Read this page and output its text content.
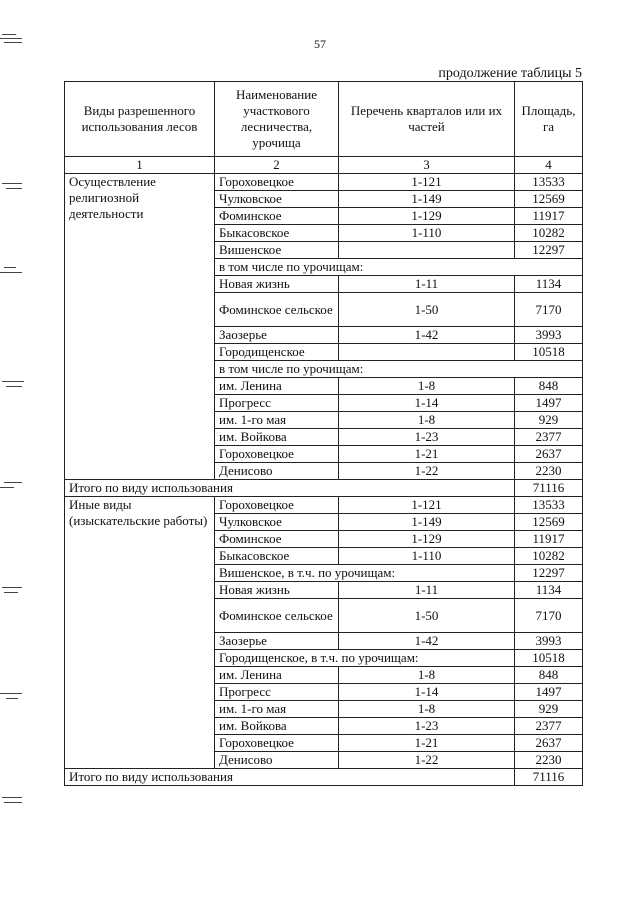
57
продолжение таблицы 5
Виды разрешенного использования лесов	Наименование участкового лесничества, урочища	Перечень кварталов или их частей	Площадь, га
1	2	3	4
Осуществление религиозной деятельности	Гороховецкое	1-121	13533
	Чулковское	1-149	12569
	Фоминское	1-129	11917
	Быкасовское	1-110	10282
	Вишенское		12297
	в том числе по урочищам:		
	Новая жизнь	1-11	1134
	Фоминское сельское	1-50	7170
	Заозерье	1-42	3993
	Городищенское		10518
	в том числе по урочищам:		
	им. Ленина	1-8	848
	Прогресс	1-14	1497
	им. 1-го мая	1-8	929
	им. Войкова	1-23	2377
	Гороховецкое	1-21	2637
	Денисово	1-22	2230
Итого по виду использования			71116
Иные виды (изыскательские работы)	Гороховецкое	1-121	13533
	Чулковское	1-149	12569
	Фоминское	1-129	11917
	Быкасовское	1-110	10282
	Вишенское, в т.ч. по урочищам:		12297
	Новая жизнь	1-11	1134
	Фоминское сельское	1-50	7170
	Заозерье	1-42	3993
	Городищенское, в т.ч. по урочищам:		10518
	им. Ленина	1-8	848
	Прогресс	1-14	1497
	им. 1-го мая	1-8	929
	им. Войкова	1-23	2377
	Гороховецкое	1-21	2637
	Денисово	1-22	2230
Итого по виду использования			71116
